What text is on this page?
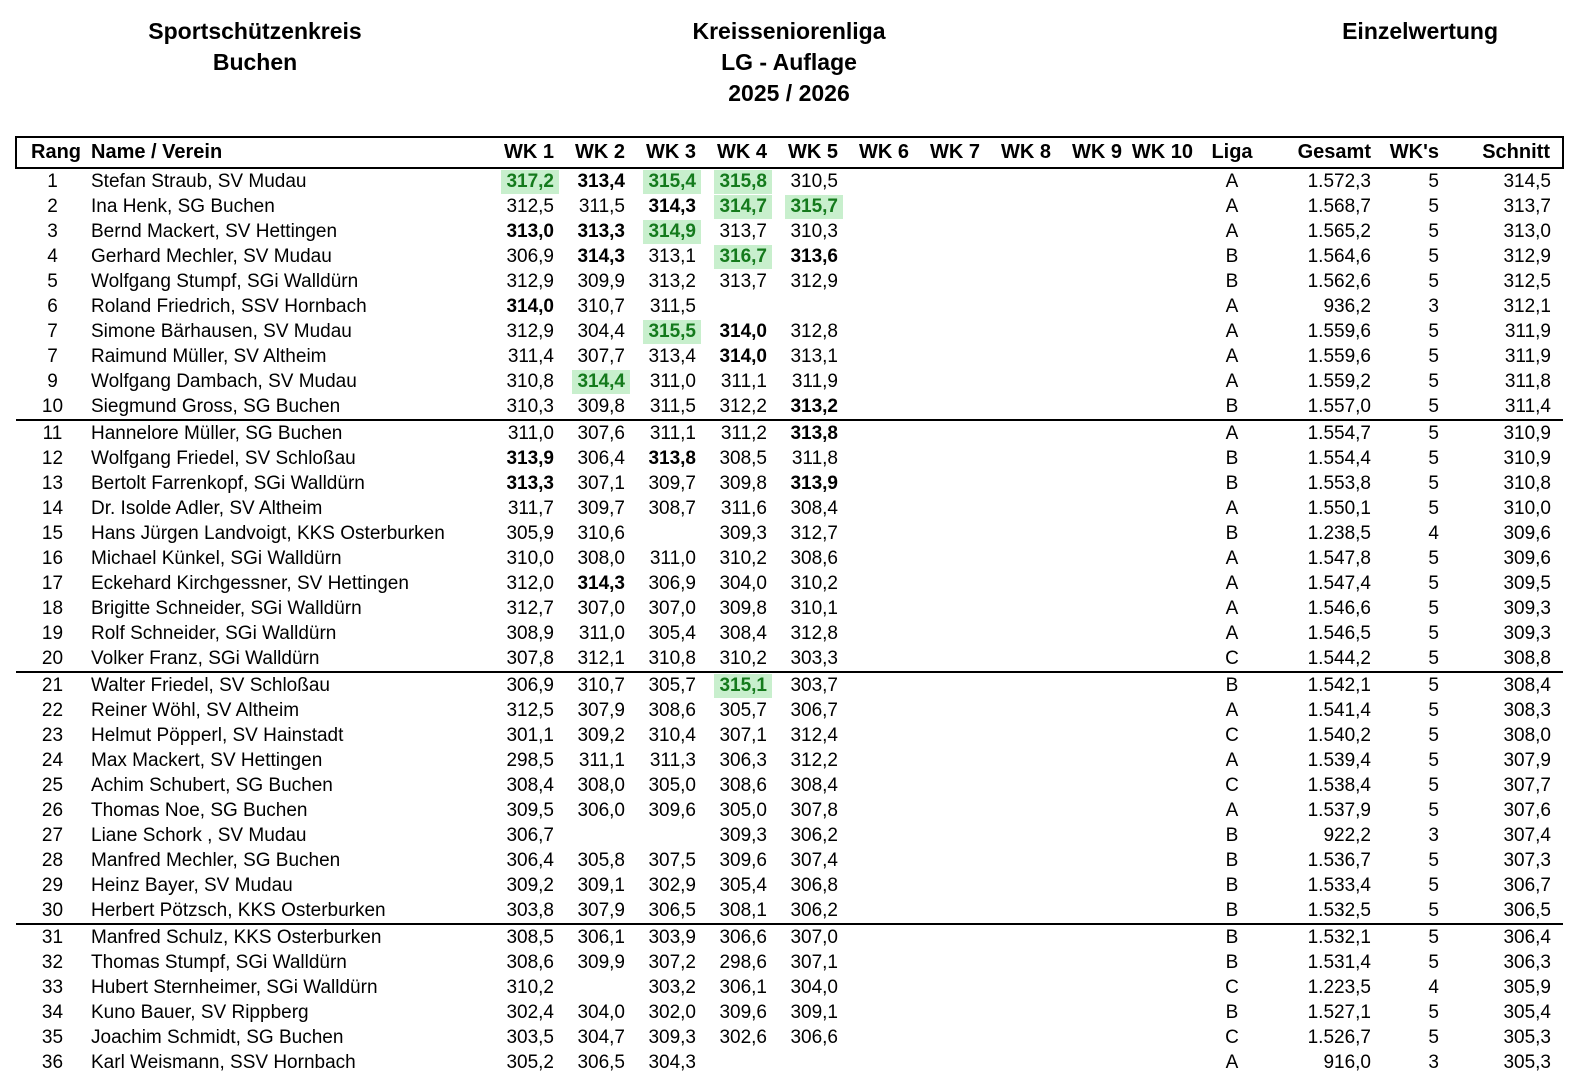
Sportschützenkreis
Buchen
Kreisseniorenliga
LG - Auflage
2025 / 2026
Einzelwertung
Rang	Name / Verein	WK 1	WK 2	WK 3	WK 4	WK 5	WK 6	WK 7	WK 8	WK 9	WK 10	Liga	Gesamt	WK's	Schnitt
1	Stefan Straub, SV Mudau	317,2	313,4	315,4	315,8	310,5						A	1.572,3	5	314,5
2	Ina Henk, SG Buchen	312,5	311,5	314,3	314,7	315,7						A	1.568,7	5	313,7
3	Bernd Mackert, SV Hettingen	313,0	313,3	314,9	313,7	310,3						A	1.565,2	5	313,0
4	Gerhard Mechler, SV Mudau	306,9	314,3	313,1	316,7	313,6						B	1.564,6	5	312,9
5	Wolfgang Stumpf, SGi Walldürn	312,9	309,9	313,2	313,7	312,9						B	1.562,6	5	312,5
6	Roland Friedrich, SSV Hornbach	314,0	310,7	311,5								A	936,2	3	312,1
7	Simone Bärhausen, SV Mudau	312,9	304,4	315,5	314,0	312,8						A	1.559,6	5	311,9
7	Raimund Müller, SV Altheim	311,4	307,7	313,4	314,0	313,1						A	1.559,6	5	311,9
9	Wolfgang Dambach, SV Mudau	310,8	314,4	311,0	311,1	311,9						A	1.559,2	5	311,8
10	Siegmund Gross, SG Buchen	310,3	309,8	311,5	312,2	313,2						B	1.557,0	5	311,4
11	Hannelore Müller, SG Buchen	311,0	307,6	311,1	311,2	313,8						A	1.554,7	5	310,9
12	Wolfgang Friedel, SV Schloßau	313,9	306,4	313,8	308,5	311,8						B	1.554,4	5	310,9
13	Bertolt Farrenkopf, SGi Walldürn	313,3	307,1	309,7	309,8	313,9						B	1.553,8	5	310,8
14	Dr. Isolde Adler, SV Altheim	311,7	309,7	308,7	311,6	308,4						A	1.550,1	5	310,0
15	Hans Jürgen Landvoigt, KKS Osterburken	305,9	310,6		309,3	312,7						B	1.238,5	4	309,6
16	Michael Künkel, SGi Walldürn	310,0	308,0	311,0	310,2	308,6						A	1.547,8	5	309,6
17	Eckehard Kirchgessner, SV Hettingen	312,0	314,3	306,9	304,0	310,2						A	1.547,4	5	309,5
18	Brigitte Schneider, SGi Walldürn	312,7	307,0	307,0	309,8	310,1						A	1.546,6	5	309,3
19	Rolf Schneider, SGi Walldürn	308,9	311,0	305,4	308,4	312,8						A	1.546,5	5	309,3
20	Volker Franz, SGi Walldürn	307,8	312,1	310,8	310,2	303,3						C	1.544,2	5	308,8
21	Walter Friedel, SV Schloßau	306,9	310,7	305,7	315,1	303,7						B	1.542,1	5	308,4
22	Reiner Wöhl, SV Altheim	312,5	307,9	308,6	305,7	306,7						A	1.541,4	5	308,3
23	Helmut Pöpperl, SV Hainstadt	301,1	309,2	310,4	307,1	312,4						C	1.540,2	5	308,0
24	Max Mackert, SV Hettingen	298,5	311,1	311,3	306,3	312,2						A	1.539,4	5	307,9
25	Achim Schubert, SG Buchen	308,4	308,0	305,0	308,6	308,4						C	1.538,4	5	307,7
26	Thomas Noe, SG Buchen	309,5	306,0	309,6	305,0	307,8						A	1.537,9	5	307,6
27	Liane Schork , SV Mudau	306,7			309,3	306,2						B	922,2	3	307,4
28	Manfred Mechler, SG Buchen	306,4	305,8	307,5	309,6	307,4						B	1.536,7	5	307,3
29	Heinz Bayer, SV Mudau	309,2	309,1	302,9	305,4	306,8						B	1.533,4	5	306,7
30	Herbert Pötzsch, KKS Osterburken	303,8	307,9	306,5	308,1	306,2						B	1.532,5	5	306,5
31	Manfred Schulz, KKS Osterburken	308,5	306,1	303,9	306,6	307,0						B	1.532,1	5	306,4
32	Thomas Stumpf, SGi Walldürn	308,6	309,9	307,2	298,6	307,1						B	1.531,4	5	306,3
33	Hubert Sternheimer, SGi Walldürn	310,2		303,2	306,1	304,0						C	1.223,5	4	305,9
34	Kuno Bauer, SV Rippberg	302,4	304,0	302,0	309,6	309,1						B	1.527,1	5	305,4
35	Joachim Schmidt, SG Buchen	303,5	304,7	309,3	302,6	306,6						C	1.526,7	5	305,3
36	Karl Weismann, SSV Hornbach	305,2	306,5	304,3								A	916,0	3	305,3
